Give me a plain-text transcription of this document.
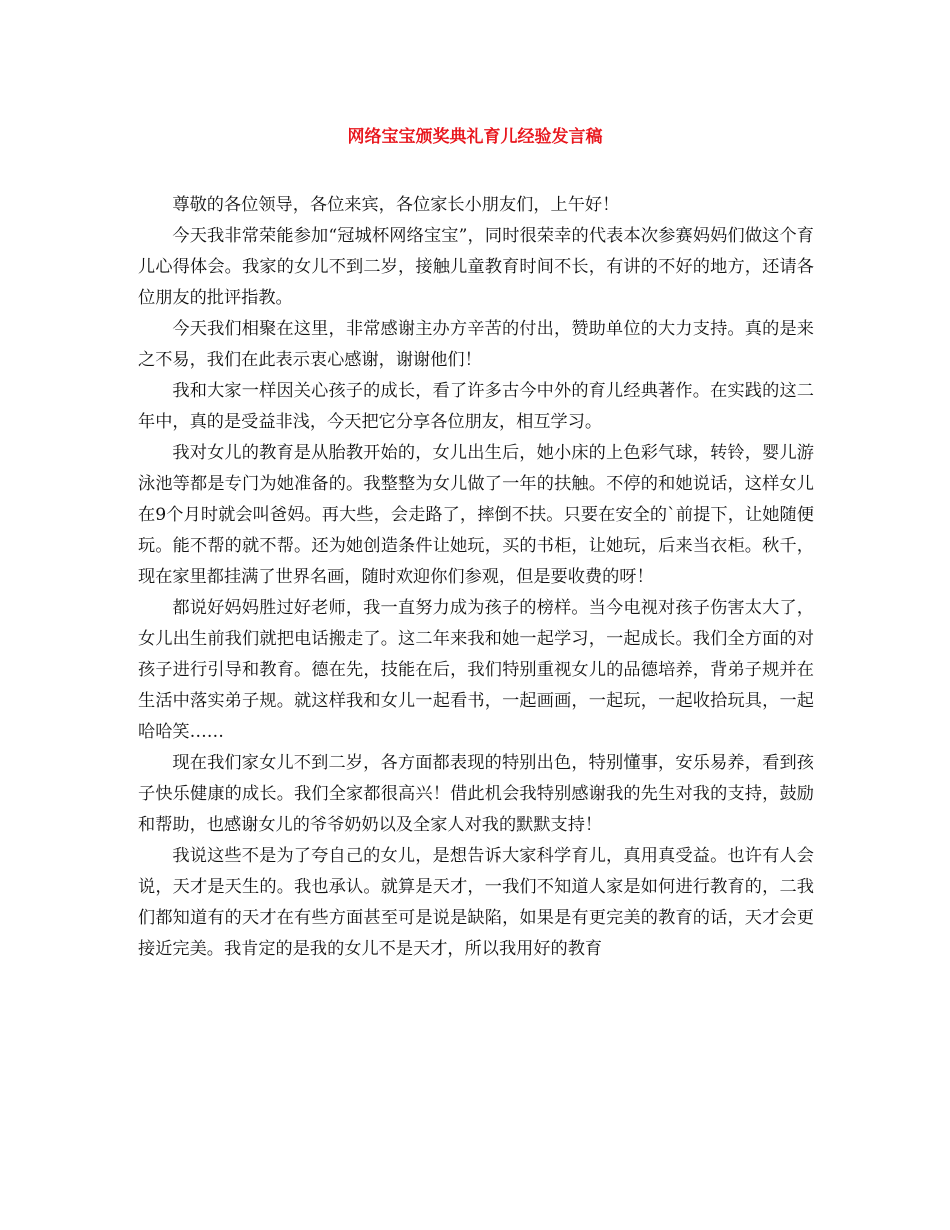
网络宝宝颁奖典礼育儿经验发言稿

尊敬的各位领导，各位来宾，各位家长小朋友们，上午好！

今天我非常荣能参加“冠城杯网络宝宝”，同时很荣幸的代表本次参赛妈妈们做这个育儿心得体会。我家的女儿不到二岁，接触儿童教育时间不长，有讲的不好的地方，还请各位朋友的批评指教。

今天我们相聚在这里，非常感谢主办方辛苦的付出，赞助单位的大力支持。真的是来之不易，我们在此表示衷心感谢，谢谢他们！

我和大家一样因关心孩子的成长，看了许多古今中外的育儿经典著作。在实践的这二年中，真的是受益非浅，今天把它分享各位朋友，相互学习。

我对女儿的教育是从胎教开始的，女儿出生后，她小床的上色彩气球，转铃，婴儿游泳池等都是专门为她准备的。我整整为女儿做了一年的扶触。不停的和她说话，这样女儿在9个月时就会叫爸妈。再大些，会走路了，摔倒不扶。只要在安全的`前提下，让她随便玩。能不帮的就不帮。还为她创造条件让她玩，买的书柜，让她玩，后来当衣柜。秋千，现在家里都挂满了世界名画，随时欢迎你们参观，但是要收费的呀！

都说好妈妈胜过好老师，我一直努力成为孩子的榜样。当今电视对孩子伤害太大了，女儿出生前我们就把电话搬走了。这二年来我和她一起学习，一起成长。我们全方面的对孩子进行引导和教育。德在先，技能在后，我们特别重视女儿的品德培养，背弟子规并在生活中落实弟子规。就这样我和女儿一起看书，一起画画，一起玩，一起收拾玩具，一起哈哈笑……

现在我们家女儿不到二岁，各方面都表现的特别出色，特别懂事，安乐易养，看到孩子快乐健康的成长。我们全家都很高兴！借此机会我特别感谢我的先生对我的支持，鼓励和帮助，也感谢女儿的爷爷奶奶以及全家人对我的默默支持！

我说这些不是为了夸自己的女儿，是想告诉大家科学育儿，真用真受益。也许有人会说，天才是天生的。我也承认。就算是天才，一我们不知道人家是如何进行教育的，二我们都知道有的天才在有些方面甚至可是说是缺陷，如果是有更完美的教育的话，天才会更接近完美。我肯定的是我的女儿不是天才，所以我用好的教育
